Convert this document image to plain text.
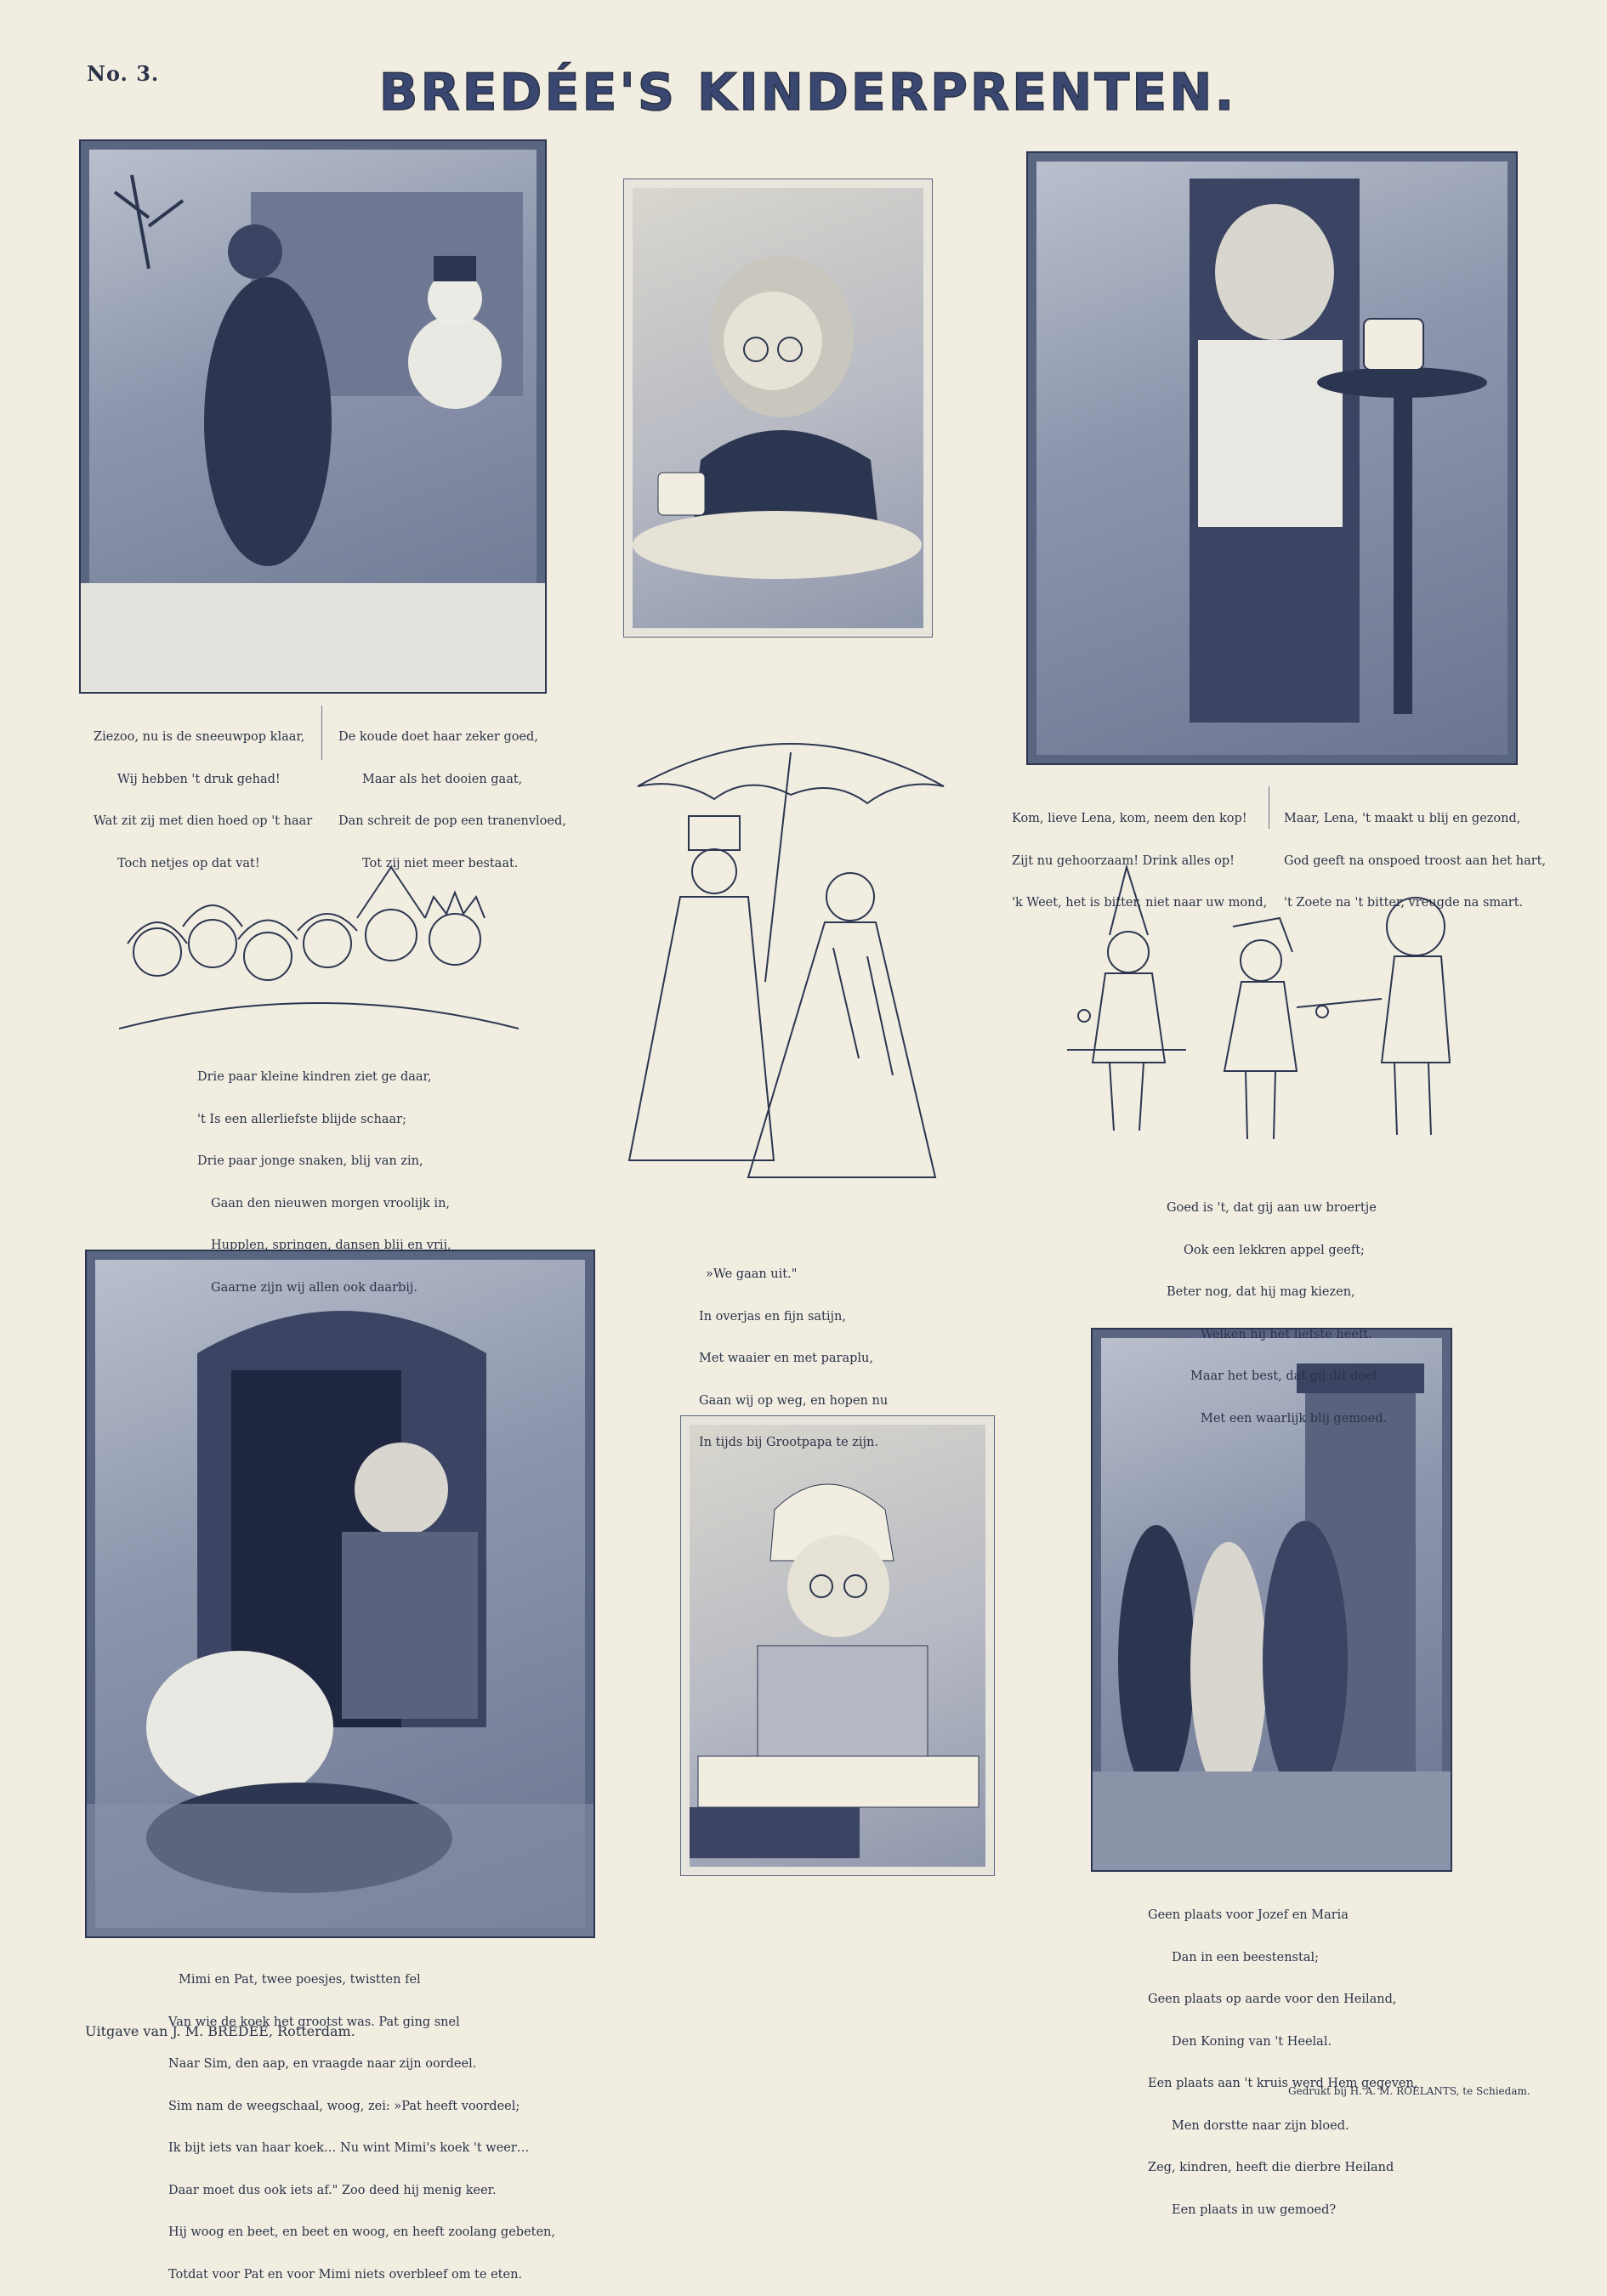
No. 3.	BREDÉE'S KINDERPRENTEN.

Ziezoo, nu is de sneeuwpop klaar,

Wij hebben 't druk gehad!

Wat zit zij met dien hoed op 't haar

Toch netjes op dat vat!

De koude doet haar zeker goed,

Maar als het dooien gaat,

Dan schreit de pop een tranenvloed,

Tot zij niet meer bestaat.

Kom, lieve Lena, kom, neem den kop!

Zijt nu gehoorzaam! Drink alles op!

'k Weet, het is bitter, niet naar uw mond,

Maar, Lena, 't maakt u blij en gezond,

God geeft na onspoed troost aan het hart,

't Zoete na 't bitter, vreugde na smart.

Drie paar kleine kindren ziet ge daar,

't Is een allerliefste blijde schaar;

Drie paar jonge snaken, blij van zin,

Gaan den nieuwen morgen vroolijk in,

Hupplen, springen, dansen blij en vrij,

Gaarne zijn wij allen ook daarbij.

»We gaan uit."

In overjas en fijn satijn,

Met waaier en met paraplu,

Gaan wij op weg, en hopen nu

In tijds bij Grootpapa te zijn.

Goed is 't, dat gij aan uw broertje

Ook een lekkren appel geeft;

Beter nog, dat hij mag kiezen,

Welken hij het liefste heeft.

Maar het best, dat gij dit doet

Met een waarlijk blij gemoed.

Mimi en Pat, twee poesjes, twistten fel

Van wie de koek het grootst was. Pat ging snel

Naar Sim, den aap, en vraagde naar zijn oordeel.

Sim nam de weegschaal, woog, zei: »Pat heeft voordeel;

Ik bijt iets van haar koek… Nu wint Mimi's koek 't weer…

Daar moet dus ook iets af." Zoo deed hij menig keer.

Hij woog en beet, en beet en woog, en heeft zoolang gebeten,

Totdat voor Pat en voor Mimi niets overbleef om te eten.

Geen plaats voor Jozef en Maria

Dan in een beestenstal;

Geen plaats op aarde voor den Heiland,

Den Koning van 't Heelal.

Een plaats aan 't kruis werd Hem gegeven,

Men dorstte naar zijn bloed.

Zeg, kindren, heeft die dierbre Heiland

Een plaats in uw gemoed?

Uitgave van J. M. BREDÉE, Rotterdam.
Gedrukt bij H. A. M. ROELANTS, te Schiedam.
